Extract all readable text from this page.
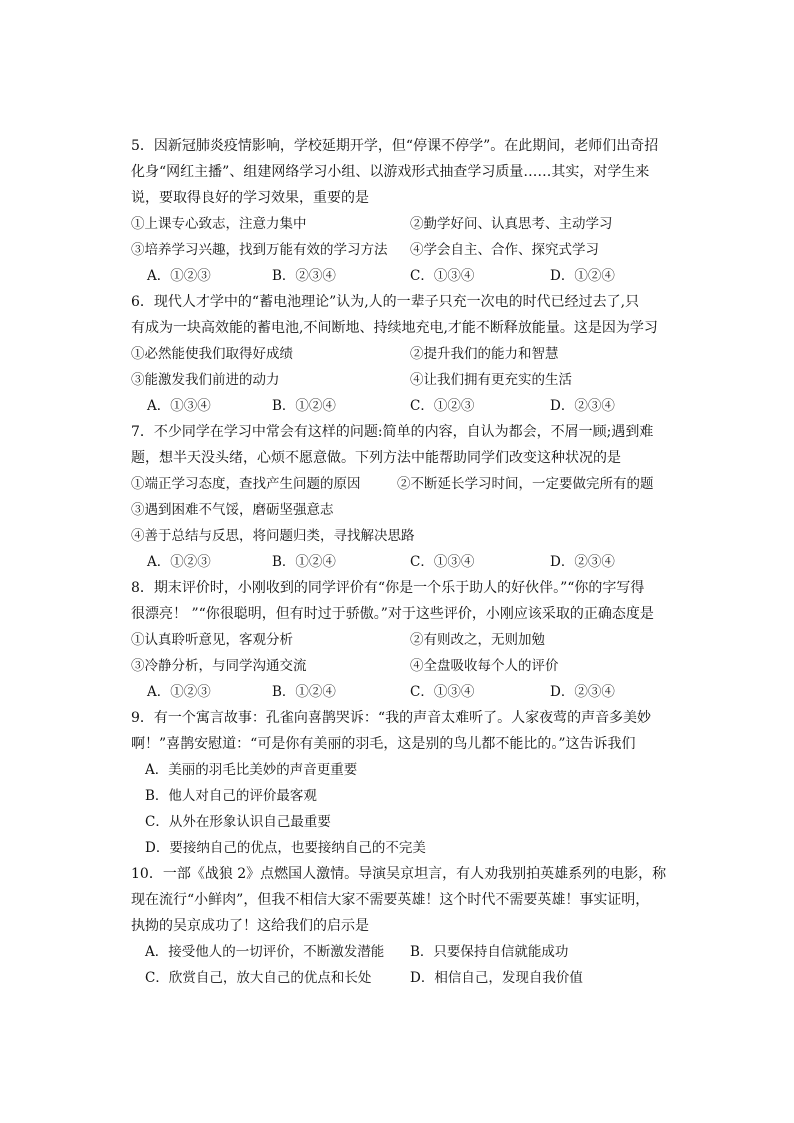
5．因新冠肺炎疫情影响，学校延期开学，但“停课不停学”。在此期间，老师们出奇招
化身“网红主播”、组建网络学习小组、以游戏形式抽查学习质量……其实，对学生来
说，要取得良好的学习效果，重要的是
①上课专心致志，注意力集中	②勤学好问、认真思考、主动学习
③培养学习兴趣，找到万能有效的学习方法 ④学会自主、合作、探究式学习
A．①②③	B．②③④	C．①③④	D．①②④
6．现代人才学中的“蓄电池理论”认为,人的一辈子只充一次电的时代已经过去了,只
有成为一块高效能的蓄电池,不间断地、持续地充电,才能不断释放能量。这是因为学习
①必然能使我们取得好成绩	②提升我们的能力和智慧
③能激发我们前进的动力	④让我们拥有更充实的生活
A．①③④	B．①②④	C．①②③	D．②③④
7．不少同学在学习中常会有这样的问题:简单的内容，自认为都会，不屑一顾;遇到难
题，想半天没头绪，心烦不愿意做。下列方法中能帮助同学们改变这种状况的是
①端正学习态度，查找产生问题的原因	②不断延长学习时间，一定要做完所有的题
③遇到困难不气馁，磨砺坚强意志
④善于总结与反思，将问题归类，寻找解决思路
A．①②③	B．①②④	C．①③④	D．②③④
8．期末评价时，小刚收到的同学评价有“你是一个乐于助人的好伙伴。”“你的字写得
很漂亮！ ”“你很聪明，但有时过于骄傲。”对于这些评价，小刚应该采取的正确态度是
①认真聆听意见，客观分析	②有则改之，无则加勉
③冷静分析，与同学沟通交流	④全盘吸收每个人的评价
A．①②③	B．①②④	C．①③④	D．②③④
9．有一个寓言故事：孔雀向喜鹊哭诉：“我的声音太难听了。人家夜莺的声音多美妙
啊！”喜鹊安慰道：“可是你有美丽的羽毛，这是别的鸟儿都不能比的。”这告诉我们
A．美丽的羽毛比美妙的声音更重要
B．他人对自己的评价最客观
C．从外在形象认识自己最重要
D．要接纳自己的优点，也要接纳自己的不完美
10．一部《战狼 2》点燃国人激情。导演吴京坦言，有人劝我别拍英雄系列的电影，称
现在流行“小鲜肉”，但我不相信大家不需要英雄！这个时代不需要英雄！事实证明，
执拗的吴京成功了！这给我们的启示是
A．接受他人的一切评价，不断激发潜能 B．只要保持自信就能成功
C．欣赏自己，放大自己的优点和长处	D．相信自己，发现自我价值
